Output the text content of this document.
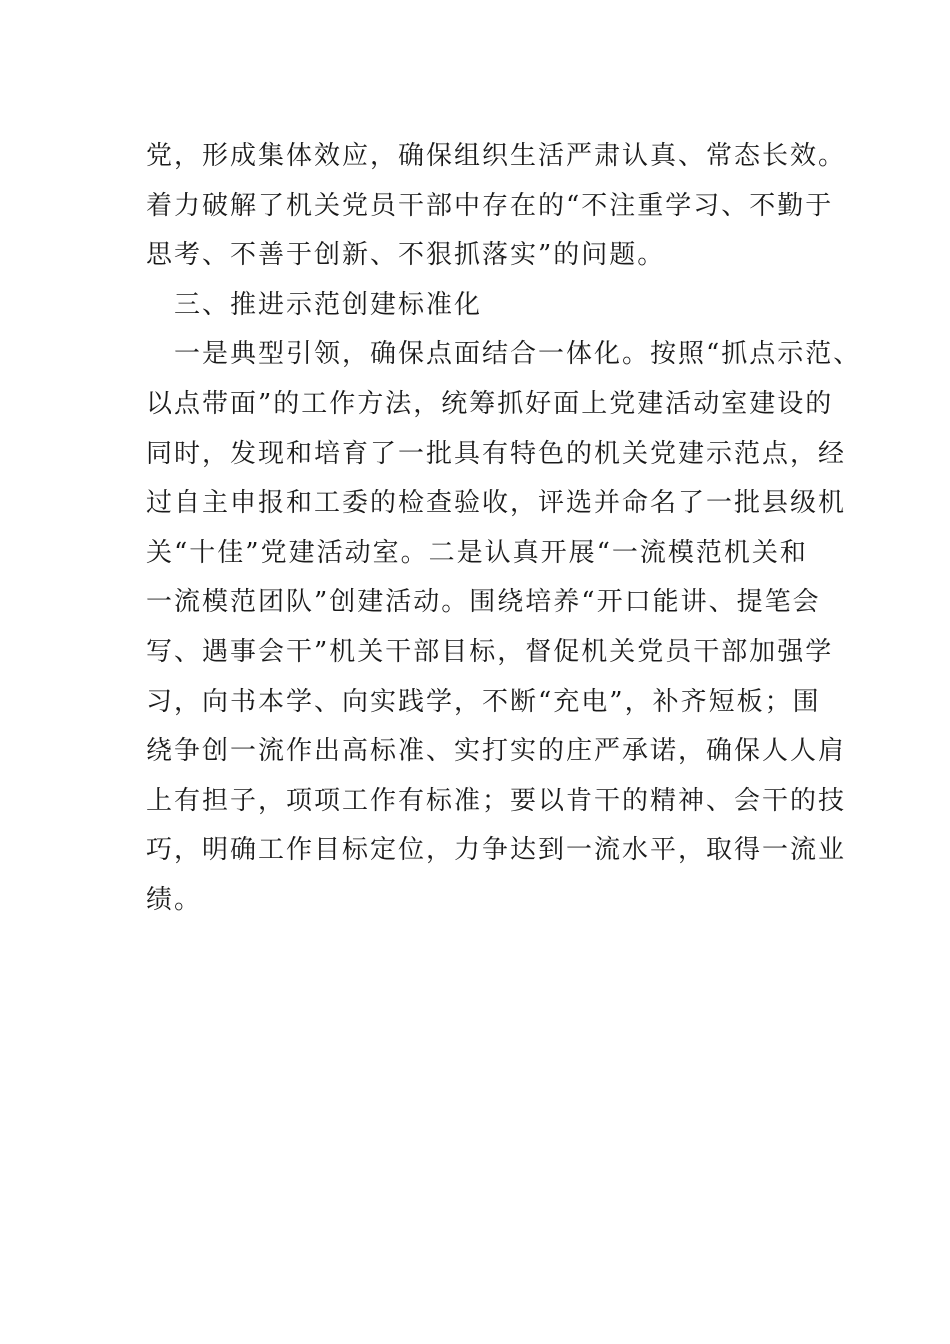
党，形成集体效应，确保组织生活严肃认真、常态长效。
着力破解了机关党员干部中存在的“不注重学习、不勤于
思考、不善于创新、不狠抓落实”的问题。
三、推进示范创建标准化
一是典型引领，确保点面结合一体化。按照“抓点示范、
以点带面”的工作方法，统筹抓好面上党建活动室建设的
同时，发现和培育了一批具有特色的机关党建示范点，经
过自主申报和工委的检查验收，评选并命名了一批县级机
关“十佳”党建活动室。二是认真开展“一流模范机关和
一流模范团队”创建活动。围绕培养“开口能讲、提笔会
写、遇事会干”机关干部目标，督促机关党员干部加强学
习，向书本学、向实践学，不断“充电”，补齐短板；围
绕争创一流作出高标准、实打实的庄严承诺，确保人人肩
上有担子，项项工作有标准；要以肯干的精神、会干的技
巧，明确工作目标定位，力争达到一流水平，取得一流业
绩。
